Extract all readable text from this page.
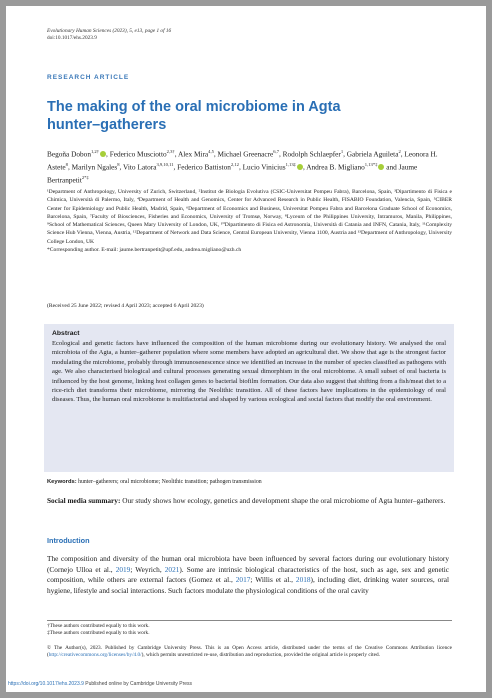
Evolutionary Human Sciences (2023), 5, e13, page 1 of 16
doi:10.1017/ehs.2023.9
RESEARCH ARTICLE
The making of the oral microbiome in Agta hunter–gatherers
Begoña Dobon$^{1,2\dagger}$ , Federico Musciotto$^{2,3\dagger}$, Alex Mira$^{4,5}$, Michael Greenacre$^{6,7}$, Rodolph Schlaepfer$^1$, Gabriela Aguileta$^2$, Leonora H. Astete$^8$, Marilyn Ngales$^8$, Vito Latora$^{3,9,10,11}$, Federico Battiston$^{2,12}$, Lucio Vinicius$^{1,13\ddagger}$ , Andrea B. Migliano$^{1,13*\ddagger}$ and Jaume Bertranpetit$^{2*\ddagger}$
¹Department of Anthropology, University of Zurich, Switzerland, ²Institut de Biologia Evolutiva (CSIC-Universitat Pompeu Fabra), Barcelona, Spain, ³Dipartimento di Fisica e Chimica, Università di Palermo, Italy, ⁴Department of Health and Genomics, Center for Advanced Research in Public Health, FISABIO Foundation, Valencia, Spain, ⁵CIBER Center for Epidemiology and Public Health, Madrid, Spain, ⁶Department of Economics and Business, Universitat Pompeu Fabra and Barcelona Graduate School of Economics, Barcelona, Spain, ⁷Faculty of Biosciences, Fisheries and Economics, University of Tromsø, Norway, ⁸Lyceum of the Philippines University, Intramuros, Manila, Philippines, ⁹School of Mathematical Sciences, Queen Mary University of London, UK, ¹⁰Dipartimento di Fisica ed Astronomia, Università di Catania and INFN, Catania, Italy, ¹¹Complexity Science Hub Vienna, Vienna, Austria, ¹²Department of Network and Data Science, Central European University, Vienna 1100, Austria and ¹³Department of Anthropology, University College London, UK
*Corresponding author. E-mail: jaume.bertranpetit@upf.edu, andrea.migliano@uzh.ch
(Received 25 June 2022; revised 4 April 2023; accepted 6 April 2023)
Abstract

Ecological and genetic factors have influenced the composition of the human microbiome during our evolutionary history. We analysed the oral microbiota of the Agta, a hunter–gatherer population where some members have adopted an agricultural diet. We show that age is the strongest factor modulating the microbiome, probably through immunosenescence since we identified an increase in the number of species classified as pathogens with age. We also characterised biological and cultural processes generating sexual dimorphism in the oral microbiome. A small subset of oral bacteria is influenced by the host genome, linking host collagen genes to bacterial biofilm formation. Our data also suggest that shifting from a fish/meat diet to a rice-rich diet transforms their microbiome, mirroring the Neolithic transition. All of these factors have implications in the epidemiology of oral diseases. Thus, the human oral microbiome is multifactorial and shaped by various ecological and social factors that modify the oral environment.

Keywords: hunter–gatherers; oral microbiome; Neolithic transition; pathogen transmission
Social media summary: Our study shows how ecology, genetics and development shape the oral microbiome of Agta hunter–gatherers.
Introduction

The composition and diversity of the human oral microbiota have been influenced by several factors during our evolutionary history (Cornejo Ulloa et al., 2019; Weyrich, 2021). Some are intrinsic biological characteristics of the host, such as age, sex and genetic composition, while others are external factors (Gomez et al., 2017; Willis et al., 2018), including diet, drinking water sources, oral hygiene, lifestyle and social interactions. Such factors modulate the physiological conditions of the oral cavity

†These authors contributed equally to this work.
‡These authors contributed equally to this work.
© The Author(s), 2023. Published by Cambridge University Press. This is an Open Access article, distributed under the terms of the Creative Commons Attribution licence (http://creativecommons.org/licenses/by/4.0/), which permits unrestricted re-use, distribution and reproduction, provided the original article is properly cited.
https://doi.org/10.1017/ehs.2023.9 Published online by Cambridge University Press
